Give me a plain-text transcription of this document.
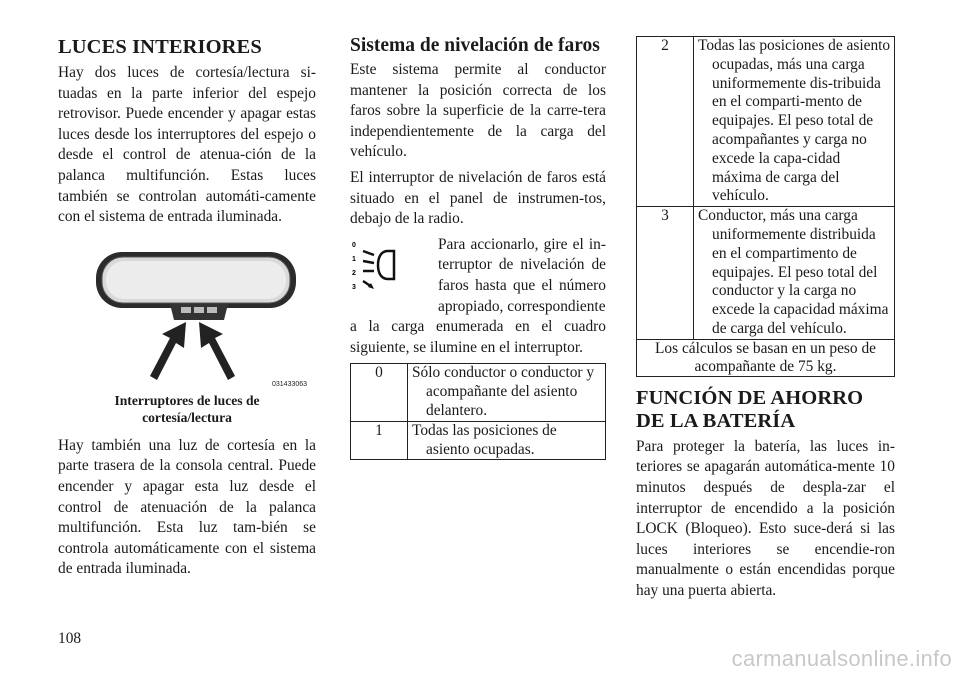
LUCES INTERIORES

Hay dos luces de cortesía/lectura si-tuadas en la parte inferior del espejo retrovisor. Puede encender y apagar estas luces desde los interruptores del espejo o desde el control de atenua-ción de la palanca multifunción. Estas luces también se controlan automáti-camente con el sistema de entrada iluminada.

031433063
Interruptores de luces de
cortesía/lectura

Hay también una luz de cortesía en la parte trasera de la consola central. Puede encender y apagar esta luz desde el control de atenuación de la palanca multifunción. Esta luz tam-bién se controla automáticamente con el sistema de entrada iluminada.

Sistema de nivelación de faros

Este sistema permite al conductor mantener la posición correcta de los faros sobre la superficie de la carre-tera independientemente de la carga del vehículo.

El interruptor de nivelación de faros está situado en el panel de instrumen-tos, debajo de la radio.

0
1
2
3

Para accionarlo, gire el in-terruptor de nivelación de faros hasta que el número apropiado, correspondiente

a la carga enumerada en el cuadro siguiente, se ilumine en el interruptor.

0	Sólo conductor o conductor y acompañante del asiento delantero.

1	Todas las posiciones de asiento ocupadas.
2	Todas las posiciones de asiento ocupadas, más una carga uniformemente dis-tribuida en el comparti-mento de equipajes. El peso total de acompañantes y carga no excede la capa-cidad máxima de carga del vehículo.

3	Conductor, más una carga uniformemente distribuida en el compartimento de equipajes. El peso total del conductor y la carga no excede la capacidad máxima de carga del vehículo.

Los cálculos se basan en un peso de acompañante de 75 kg.	
FUNCIÓN DE AHORRO DE LA BATERÍA

Para proteger la batería, las luces in-teriores se apagarán automática-mente 10 minutos después de despla-zar el interruptor de encendido a la posición LOCK (Bloqueo). Esto suce-derá si las luces interiores se encendie-ron manualmente o están encendidas porque hay una puerta abierta.

108
carmanualsonline.info
